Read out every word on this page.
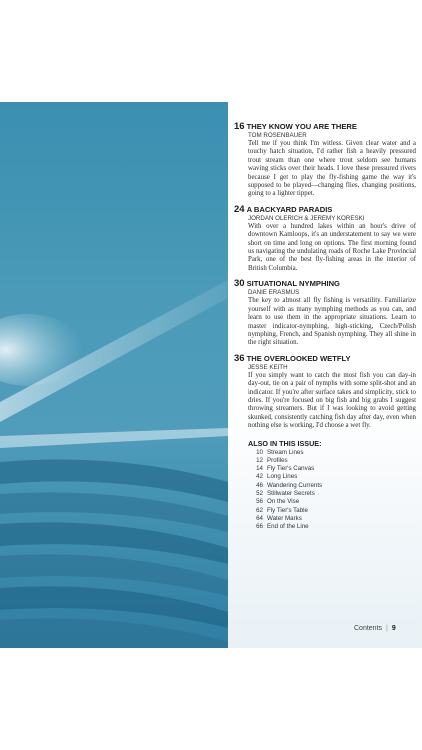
16 THEY KNOW YOU ARE THERE
TOM ROSENBAUER
Tell me if you think I'm witless. Given clear water and a touchy hatch situation, I'd rather fish a heavily pressured trout stream than one where trout seldom see humans waving sticks over their heads. I love these pressured rivers because I get to play the fly-fishing game the way it's supposed to be played—changing flies, changing positions, going to a lighter tippet.
24 A BACKYARD PARADIS
JORDAN OLERICH & JEREMY KORESKI
With over a hundred lakes within an hour's drive of downtown Kamloops, it's an understatement to say we were short on time and long on options. The first morning found us navigating the undulating roads of Roche Lake Provincial Park, one of the best fly-fishing areas in the interior of British Columbia.
30 SITUATIONAL NYMPHING
DANIE ERASMUS
The key to almost all fly fishing is versatility. Familiarize yourself with as many nymphing methods as you can, and learn to use them in the appropriate situations. Learn to master indicator-nymphing, high-sticking, Czech/Polish nymphing, French, and Spanish nymphing. They all shine in the right situation.
36 THE OVERLOOKED WETFLY
JESSE KEITH
If you simply want to catch the most fish you can day-in day-out, tie on a pair of nymphs with some split-shot and an indicator. If you're after surface takes and simplicity, stick to dries. If you're focused on big fish and big grabs I suggest throwing streamers. But if I was looking to avoid getting skunked, consistently catching fish day after day, even when nothing else is working, I'd choose a wet fly.
ALSO IN THIS ISSUE:
10 Stream Lines
12 Profiles
14 Fly Tier's Canvas
42 Long Lines
46 Wandering Currents
52 Stillwater Secrets
56 On the Vise
62 Fly Tier's Table
64 Water Marks
66 End of the Line
Contents | 9
